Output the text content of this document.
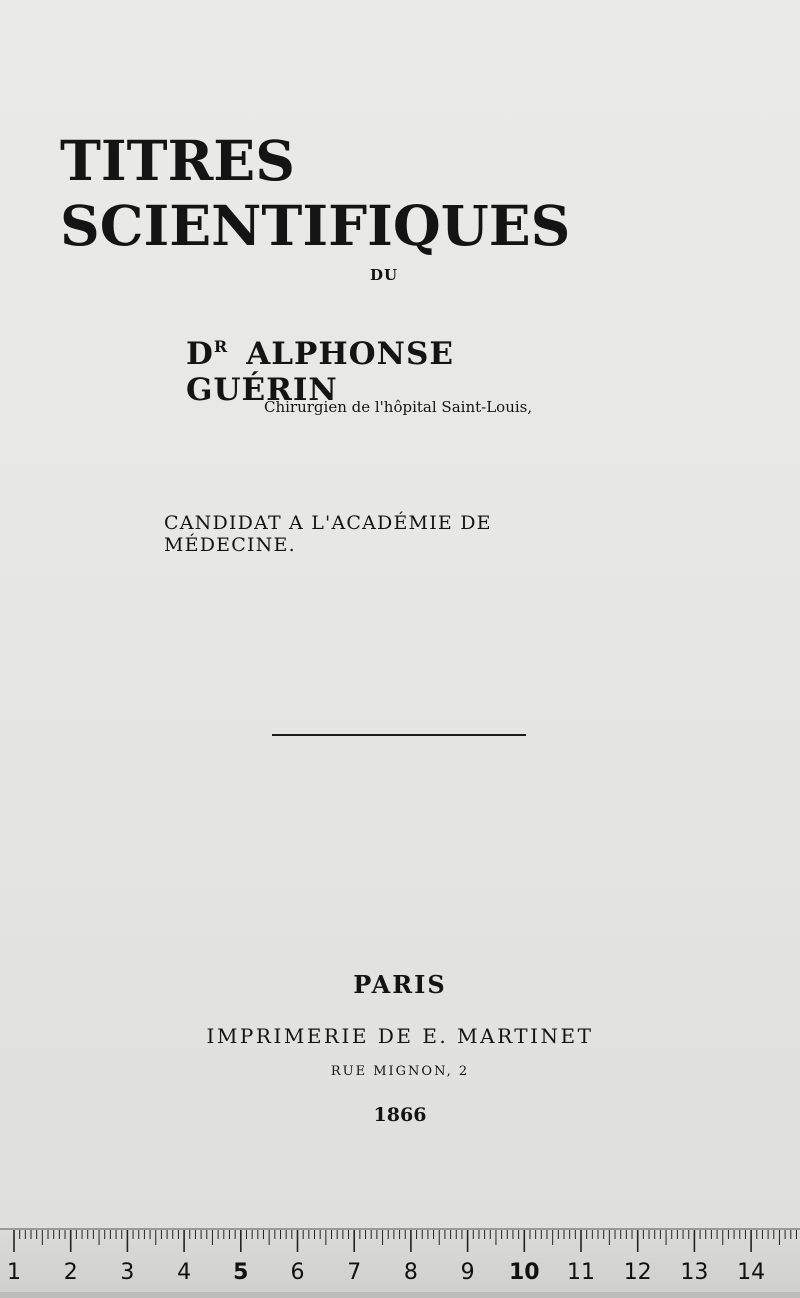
TITRES SCIENTIFIQUES
DU
$D^R$ ALPHONSE GUÉRIN
Chirurgien de l'hôpital Saint-Louis,
CANDIDAT A L'ACADÉMIE DE MÉDECINE.
PARIS
IMPRIMERIE DE E. MARTINET
RUE MIGNON, 2
1866
1	2	3	4	5	6	7	8	9	10 11 12 13 14
